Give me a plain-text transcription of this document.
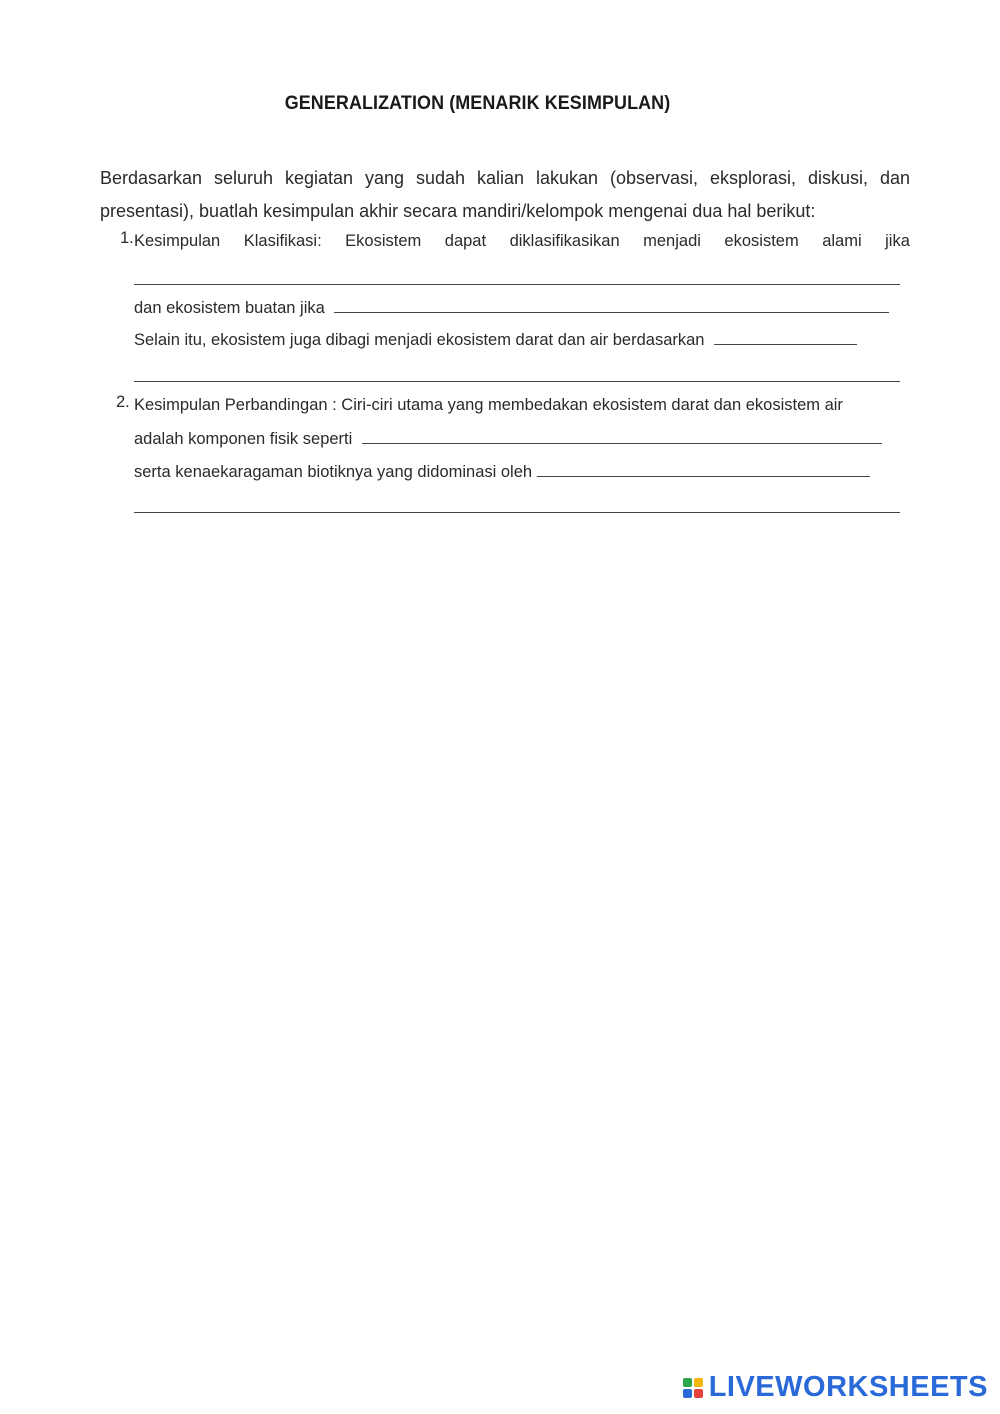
GENERALIZATION (MENARIK KESIMPULAN)
Berdasarkan seluruh kegiatan yang sudah kalian lakukan (observasi, eksplorasi, diskusi, dan presentasi), buatlah kesimpulan akhir secara mandiri/kelompok mengenai dua hal berikut:
1. Kesimpulan Klasifikasi: Ekosistem dapat diklasifikasikan menjadi ekosistem alami jika
dan ekosistem buatan jika
Selain itu, ekosistem juga dibagi menjadi ekosistem darat dan air berdasarkan
2. Kesimpulan Perbandingan : Ciri-ciri utama yang membedakan ekosistem darat dan ekosistem air
adalah komponen fisik seperti
serta kenaekaragaman biotiknya yang didominasi oleh
LIVEWORKSHEETS
